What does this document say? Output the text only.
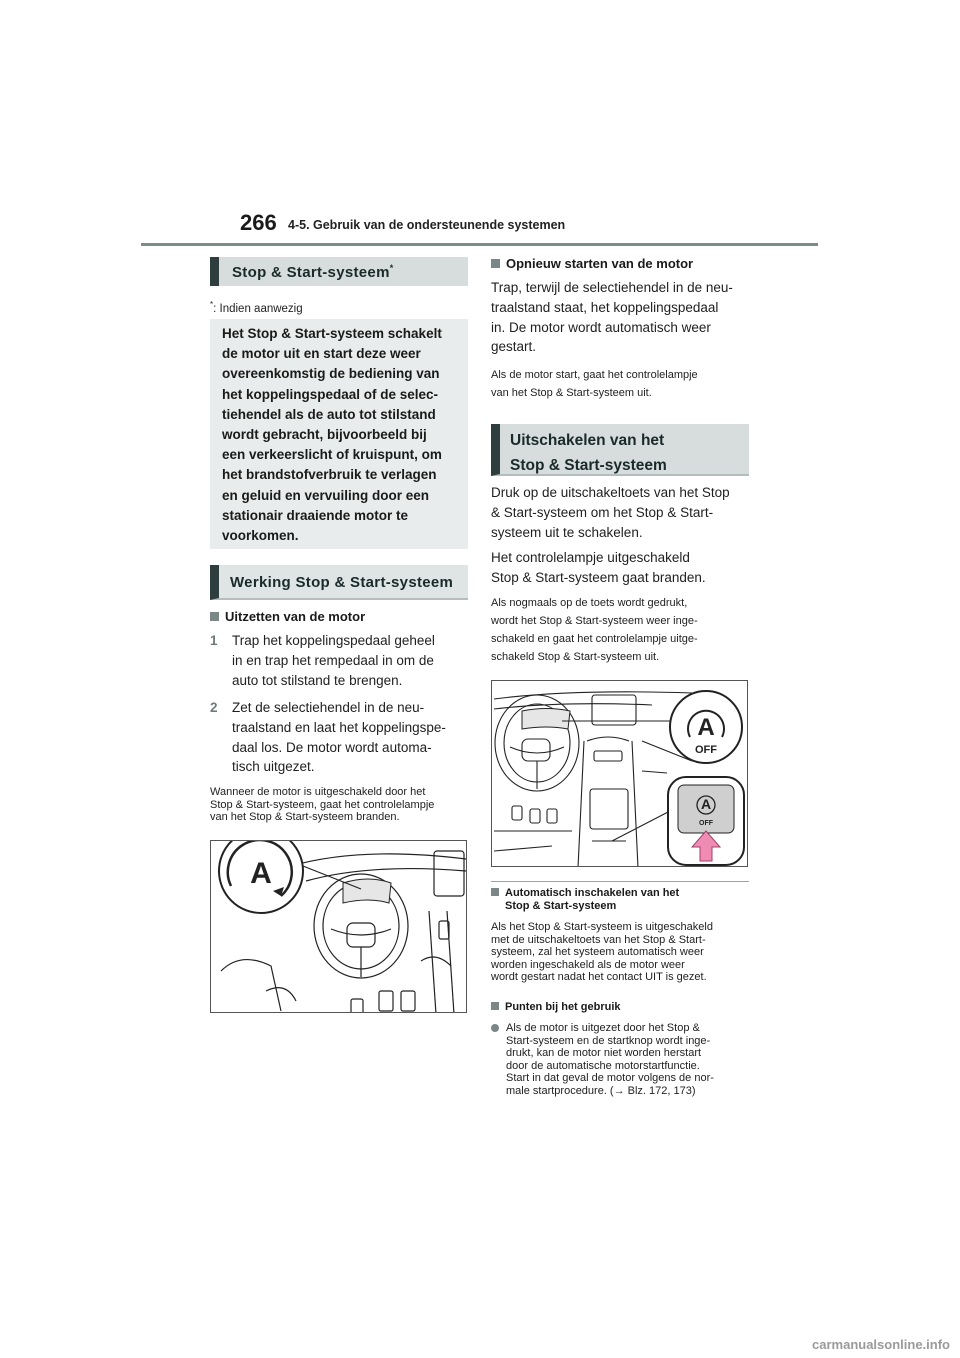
266 4-5. Gebruik van de ondersteunende systemen
Stop & Start-systeem*
*: Indien aanwezig
Het Stop & Start-systeem schakelt
de motor uit en start deze weer
overeenkomstig de bediening van
het koppelingspedaal of de selec-
tiehendel als de auto tot stilstand
wordt gebracht, bijvoorbeeld bij
een verkeerslicht of kruispunt, om
het brandstofverbruik te verlagen
en geluid en vervuiling door een
stationair draaiende motor te
voorkomen.
Werking Stop & Start-systeem
Uitzetten van de motor
1 Trap het koppelingspedaal geheel
in en trap het rempedaal in om de
auto tot stilstand te brengen.
2 Zet de selectiehendel in de neu-
traalstand en laat het koppelingspe-
daal los. De motor wordt automa-
tisch uitgezet.
Wanneer de motor is uitgeschakeld door het
Stop & Start-systeem, gaat het controlelampje
van het Stop & Start-systeem branden.
A
Opnieuw starten van de motor
Trap, terwijl de selectiehendel in de neu-
traalstand staat, het koppelingspedaal
in. De motor wordt automatisch weer
gestart.
Als de motor start, gaat het controlelampje
van het Stop & Start-systeem uit.
Uitschakelen van het
Stop & Start-systeem
Druk op de uitschakeltoets van het Stop
& Start-systeem om het Stop & Start-
systeem uit te schakelen.
Het controlelampje uitgeschakeld
Stop & Start-systeem gaat branden.
Als nogmaals op de toets wordt gedrukt,
wordt het Stop & Start-systeem weer inge-
schakeld en gaat het controlelampje uitge-
schakeld Stop & Start-systeem uit.
A
OFF
A
OFF
Automatisch inschakelen van het
Stop & Start-systeem
Als het Stop & Start-systeem is uitgeschakeld
met de uitschakeltoets van het Stop & Start-
systeem, zal het systeem automatisch weer
worden ingeschakeld als de motor weer
wordt gestart nadat het contact UIT is gezet.
Punten bij het gebruik
Als de motor is uitgezet door het Stop &
Start-systeem en de startknop wordt inge-
drukt, kan de motor niet worden herstart
door de automatische motorstartfunctie.
Start in dat geval de motor volgens de nor-
male startprocedure. (→ Blz. 172, 173)
carmanualsonline.info
